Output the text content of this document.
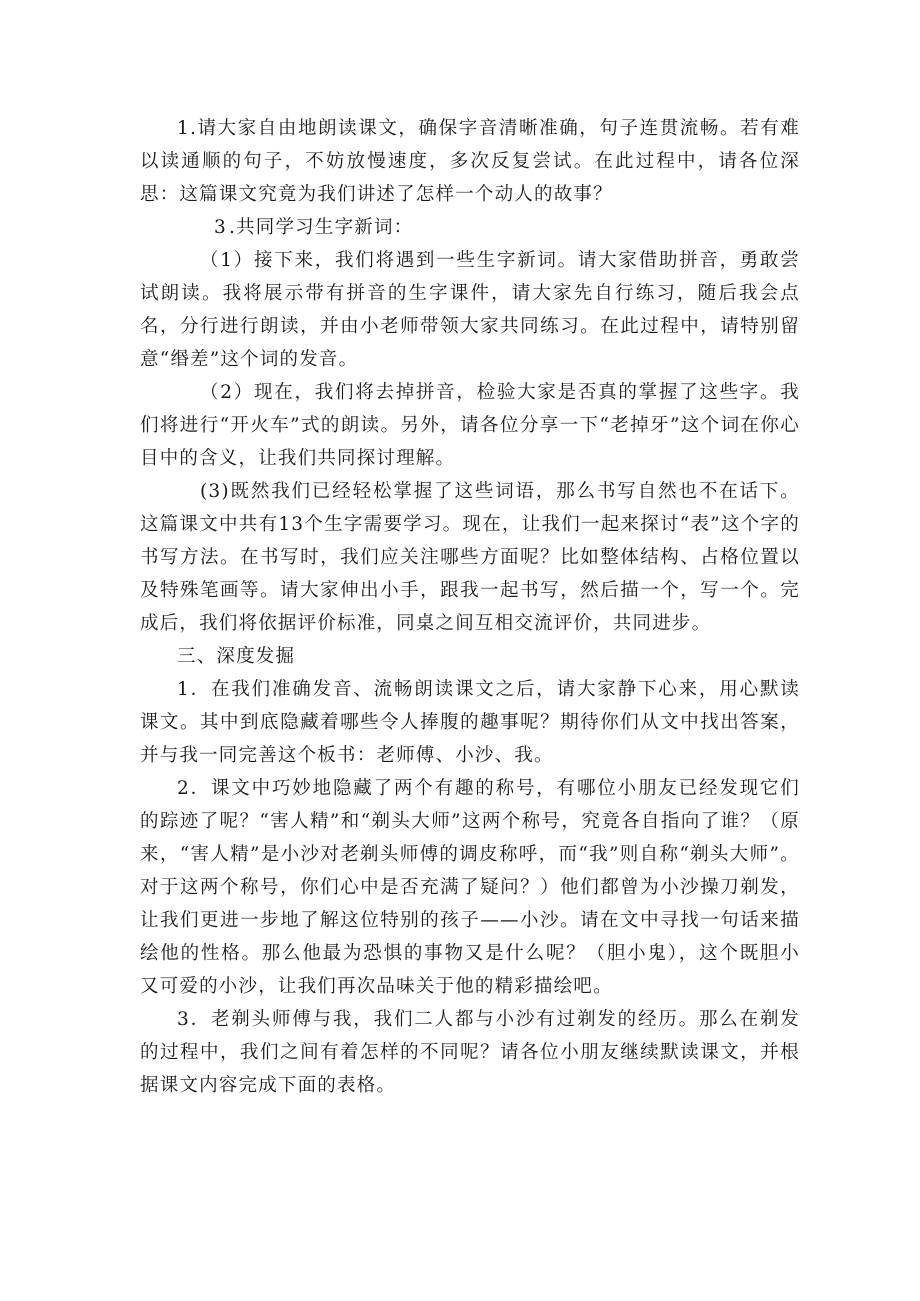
1.请大家自由地朗读课文，确保字音清晰准确，句子连贯流畅。若有难以读通顺的句子，不妨放慢速度，多次反复尝试。在此过程中，请各位深思：这篇课文究竟为我们讲述了怎样一个动人的故事？

3 .共同学习生字新词：

（1）接下来，我们将遇到一些生字新词。请大家借助拼音，勇敢尝试朗读。我将展示带有拼音的生字课件，请大家先自行练习，随后我会点名，分行进行朗读，并由小老师带领大家共同练习。在此过程中，请特别留意“缗差”这个词的发音。

（2）现在，我们将去掉拼音，检验大家是否真的掌握了这些字。我们将进行“开火车”式的朗读。另外，请各位分享一下“老掉牙”这个词在你心目中的含义，让我们共同探讨理解。

(3)既然我们已经轻松掌握了这些词语，那么书写自然也不在话下。这篇课文中共有13个生字需要学习。现在，让我们一起来探讨“表”这个字的书写方法。在书写时，我们应关注哪些方面呢？比如整体结构、占格位置以及特殊笔画等。请大家伸出小手，跟我一起书写，然后描一个，写一个。完成后，我们将依据评价标准，同桌之间互相交流评价，共同进步。

三、深度发掘

1．在我们准确发音、流畅朗读课文之后，请大家静下心来，用心默读课文。其中到底隐藏着哪些令人捧腹的趣事呢？期待你们从文中找出答案，并与我一同完善这个板书：老师傅、小沙、我。

2．课文中巧妙地隐藏了两个有趣的称号，有哪位小朋友已经发现它们的踪迹了呢？“害人精”和“剃头大师”这两个称号，究竟各自指向了谁？（原来，“害人精”是小沙对老剃头师傅的调皮称呼，而“我”则自称“剃头大师”。对于这两个称号，你们心中是否充满了疑问？）他们都曾为小沙操刀剃发，让我们更进一步地了解这位特别的孩子——小沙。请在文中寻找一句话来描绘他的性格。那么他最为恐惧的事物又是什么呢？（胆小鬼），这个既胆小又可爱的小沙，让我们再次品味关于他的精彩描绘吧。

3．老剃头师傅与我，我们二人都与小沙有过剃发的经历。那么在剃发的过程中，我们之间有着怎样的不同呢？请各位小朋友继续默读课文，并根据课文内容完成下面的表格。
